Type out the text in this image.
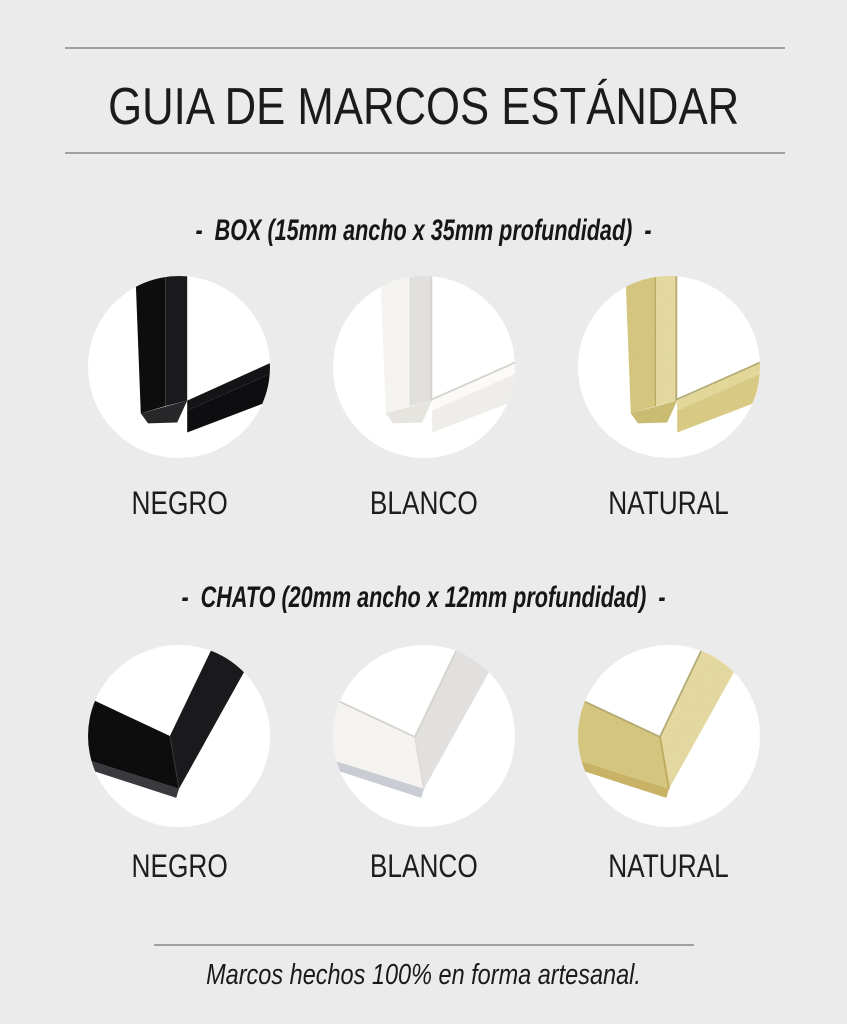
GUIA DE MARCOS ESTÁNDAR
-  BOX (15mm ancho x 35mm profundidad)  -
NEGRO	BLANCO	NATURAL
-  CHATO (20mm ancho x 12mm profundidad)  -
NEGRO	BLANCO	NATURAL
Marcos hechos 100% en forma artesanal.
